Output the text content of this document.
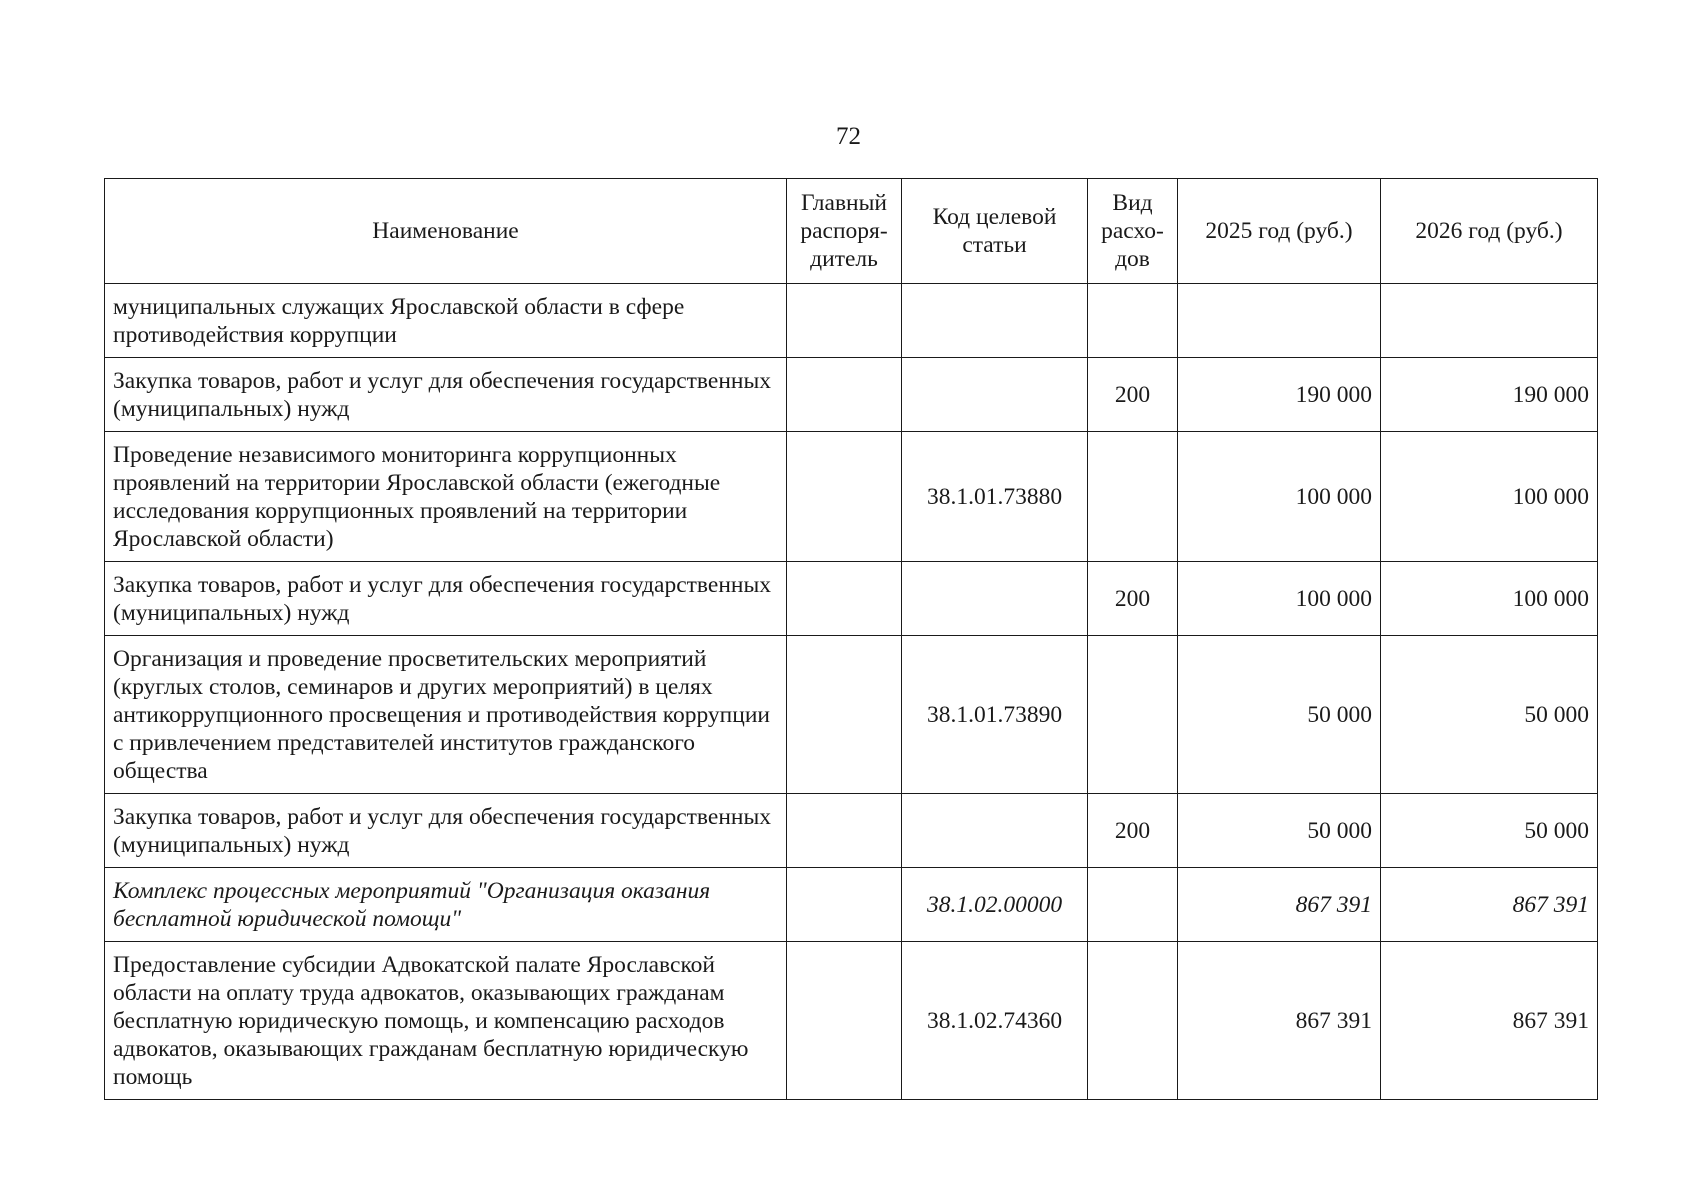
72
Наименование	Главный распоря-дитель	Код целевой статьи	Вид расхо-дов	2025 год (руб.)	2026 год (руб.)
муниципальных служащих Ярославской области в сфере противодействия коррупции					
Закупка товаров, работ и услуг для обеспечения государственных (муниципальных) нужд			200	190 000	190 000
Проведение независимого мониторинга коррупционных проявлений на территории Ярославской области (ежегодные исследования коррупционных проявлений на территории Ярославской области)		38.1.01.73880		100 000	100 000
Закупка товаров, работ и услуг для обеспечения государственных (муниципальных) нужд			200	100 000	100 000
Организация и проведение просветительских мероприятий (круглых столов, семинаров и других мероприятий) в целях антикоррупционного просвещения и противодействия коррупции с привлечением представителей институтов гражданского общества		38.1.01.73890		50 000	50 000
Закупка товаров, работ и услуг для обеспечения государственных (муниципальных) нужд			200	50 000	50 000
Комплекс процессных мероприятий "Организация оказания бесплатной юридической помощи"		38.1.02.00000		867 391	867 391
Предоставление субсидии Адвокатской палате Ярославской области на оплату труда адвокатов, оказывающих гражданам бесплатную юридическую помощь, и компенсацию расходов адвокатов, оказывающих гражданам бесплатную юридическую помощь		38.1.02.74360		867 391	867 391
